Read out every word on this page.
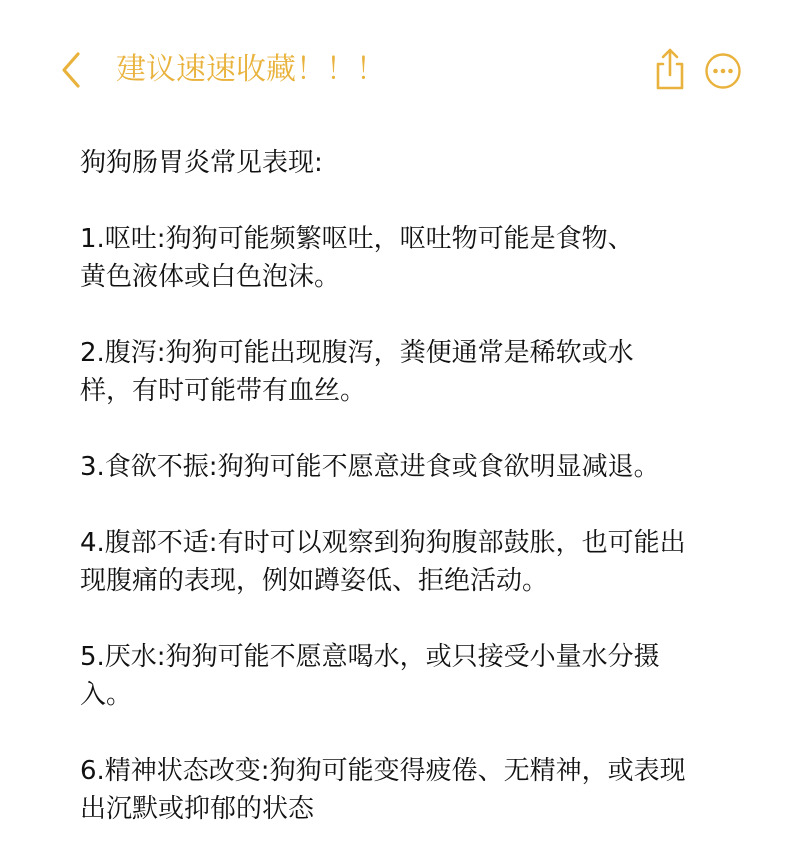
建议速速收藏！！！
狗狗肠胃炎常见表现:
1.呕吐:狗狗可能频繁呕吐，呕吐物可能是食物、
黄色液体或白色泡沫。
2.腹泻:狗狗可能出现腹泻，粪便通常是稀软或水
样，有时可能带有血丝。
3.食欲不振:狗狗可能不愿意进食或食欲明显减退。
4.腹部不适:有时可以观察到狗狗腹部鼓胀，也可能出
现腹痛的表现，例如蹲姿低、拒绝活动。
5.厌水:狗狗可能不愿意喝水，或只接受小量水分摄
入。
6.精神状态改变:狗狗可能变得疲倦、无精神，或表现
出沉默或抑郁的状态
